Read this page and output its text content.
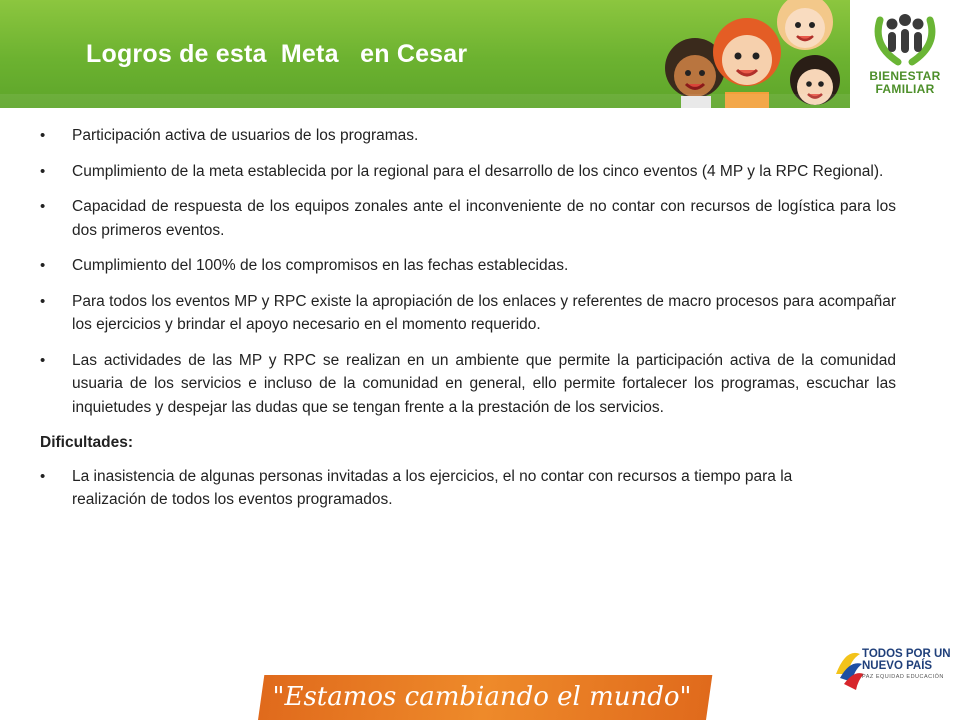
Logros de esta  Meta   en Cesar
BIENESTAR
FAMILIAR
• Participación activa de usuarios de los programas.
• Cumplimiento de la meta establecida por la regional para el desarrollo de los cinco eventos (4 MP y la RPC Regional).
• Capacidad de respuesta de los equipos zonales ante el inconveniente de no contar con recursos de logística para los dos primeros eventos.
• Cumplimiento del 100% de los compromisos en las fechas establecidas.
• Para todos los eventos MP y RPC existe la apropiación de los enlaces y referentes de macro procesos para acompañar los ejercicios y brindar el apoyo necesario en el momento requerido.
• Las actividades de las MP y RPC se realizan en un ambiente que permite la participación activa de la comunidad usuaria de los servicios e incluso de la comunidad en general, ello permite fortalecer los programas, escuchar las inquietudes y despejar las dudas que se tengan frente a la prestación de los servicios.
Dificultades:
• La inasistencia de algunas personas invitadas a los ejercicios, el no contar con recursos a tiempo para la realización de todos los eventos programados.
"Estamos cambiando el mundo"
TODOS POR UN
NUEVO PAÍS
PAZ EQUIDAD EDUCACIÓN
